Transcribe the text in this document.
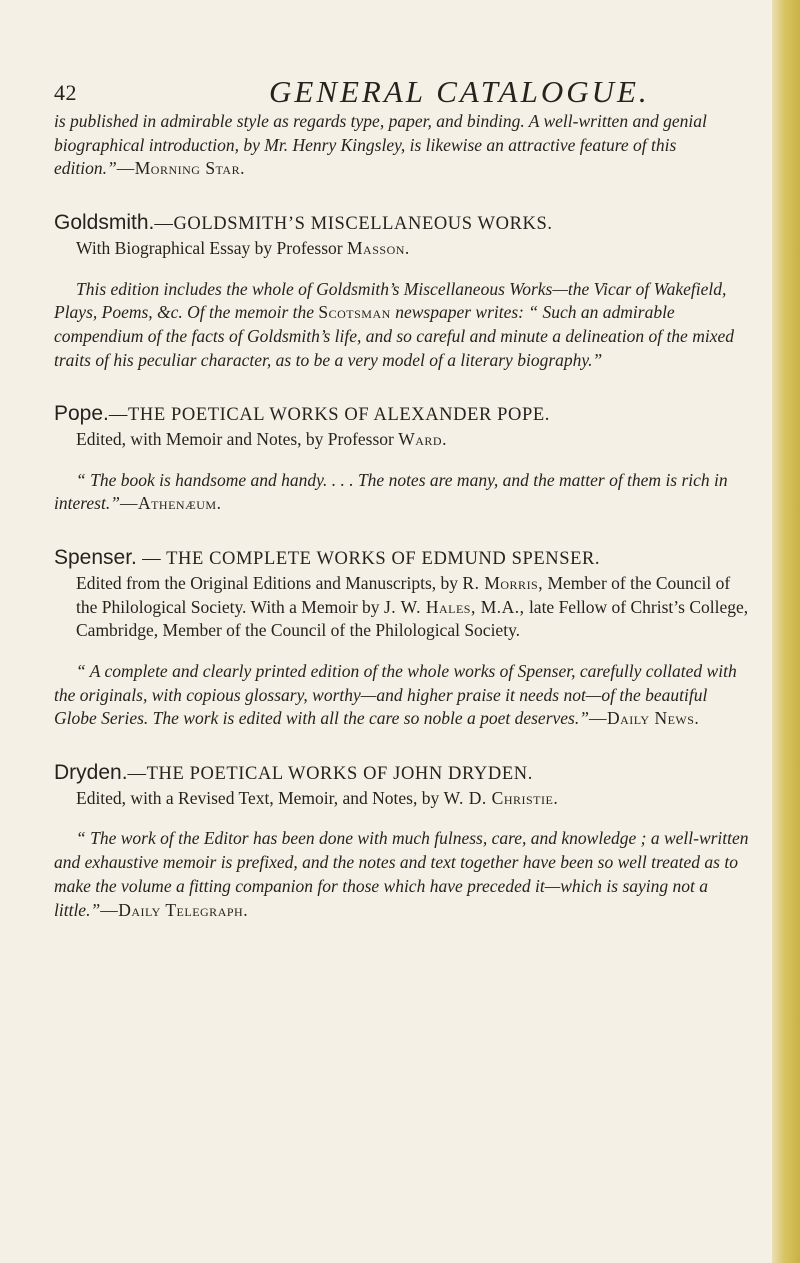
42	GENERAL CATALOGUE.

is published in admirable style as regards type, paper, and binding. A well-written and genial biographical introduction, by Mr. Henry Kingsley, is likewise an attractive feature of this edition.”—Morning Star.

Goldsmith.—GOLDSMITH’S MISCELLANEOUS WORKS.

With Biographical Essay by Professor Masson.

This edition includes the whole of Goldsmith’s Miscellaneous Works—the Vicar of Wakefield, Plays, Poems, &c. Of the memoir the Scotsman newspaper writes: “ Such an admirable compendium of the facts of Goldsmith’s life, and so careful and minute a delineation of the mixed traits of his peculiar character, as to be a very model of a literary biography.”

Pope.—THE POETICAL WORKS OF ALEXANDER POPE.

Edited, with Memoir and Notes, by Professor Ward.

“ The book is handsome and handy. . . . The notes are many, and the matter of them is rich in interest.”—Athenæum.

Spenser. — THE COMPLETE WORKS OF EDMUND SPENSER.

Edited from the Original Editions and Manuscripts, by R. Morris, Member of the Council of the Philological Society. With a Memoir by J. W. Hales, M.A., late Fellow of Christ’s College, Cambridge, Member of the Council of the Philological Society.

“ A complete and clearly printed edition of the whole works of Spenser, carefully collated with the originals, with copious glossary, worthy—and higher praise it needs not—of the beautiful Globe Series. The work is edited with all the care so noble a poet deserves.”—Daily News.

Dryden.—THE POETICAL WORKS OF JOHN DRYDEN.

Edited, with a Revised Text, Memoir, and Notes, by W. D. Christie.

“ The work of the Editor has been done with much fulness, care, and knowledge ; a well-written and exhaustive memoir is prefixed, and the notes and text together have been so well treated as to make the volume a fitting companion for those which have preceded it—which is saying not a little.”—Daily Telegraph.
